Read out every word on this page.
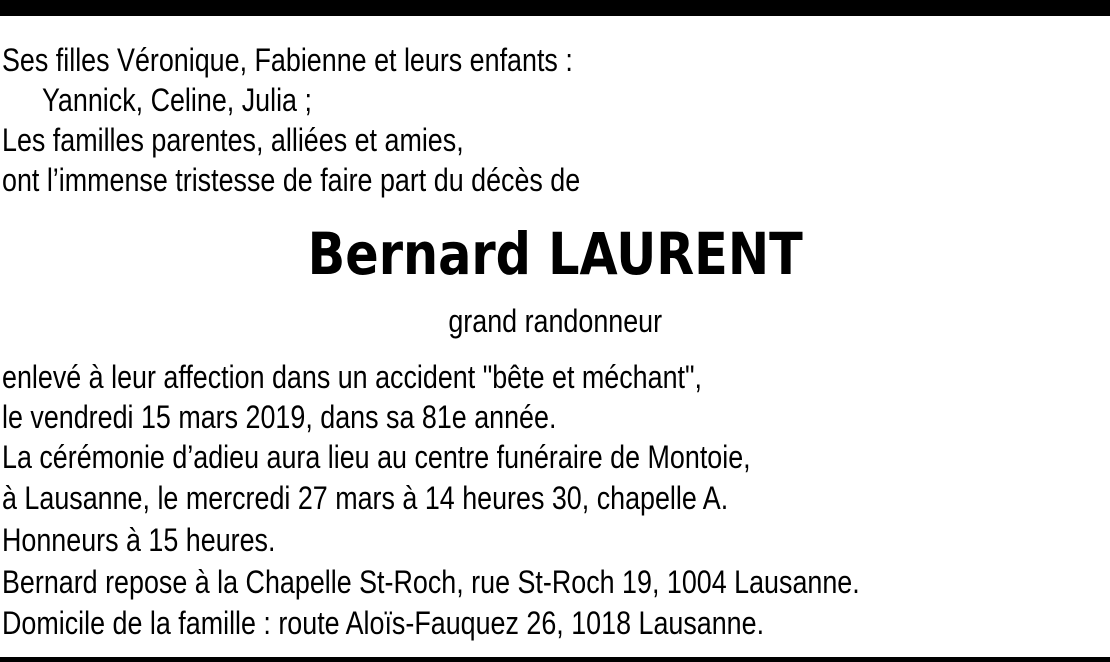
Ses filles Véronique, Fabienne et leurs enfants :
Yannick, Celine, Julia ;
Les familles parentes, alliées et amies,
ont l’immense tristesse de faire part du décès de
Bernard LAURENT
grand randonneur
enlevé à leur affection dans un accident "bête et méchant",
le vendredi 15 mars 2019, dans sa 81e année.
La cérémonie d’adieu aura lieu au centre funéraire de Montoie,
à Lausanne, le mercredi 27 mars à 14 heures 30, chapelle A.
Honneurs à 15 heures.
Bernard repose à la Chapelle St-Roch, rue St-Roch 19, 1004 Lausanne.
Domicile de la famille : route Aloïs-Fauquez 26, 1018 Lausanne.
